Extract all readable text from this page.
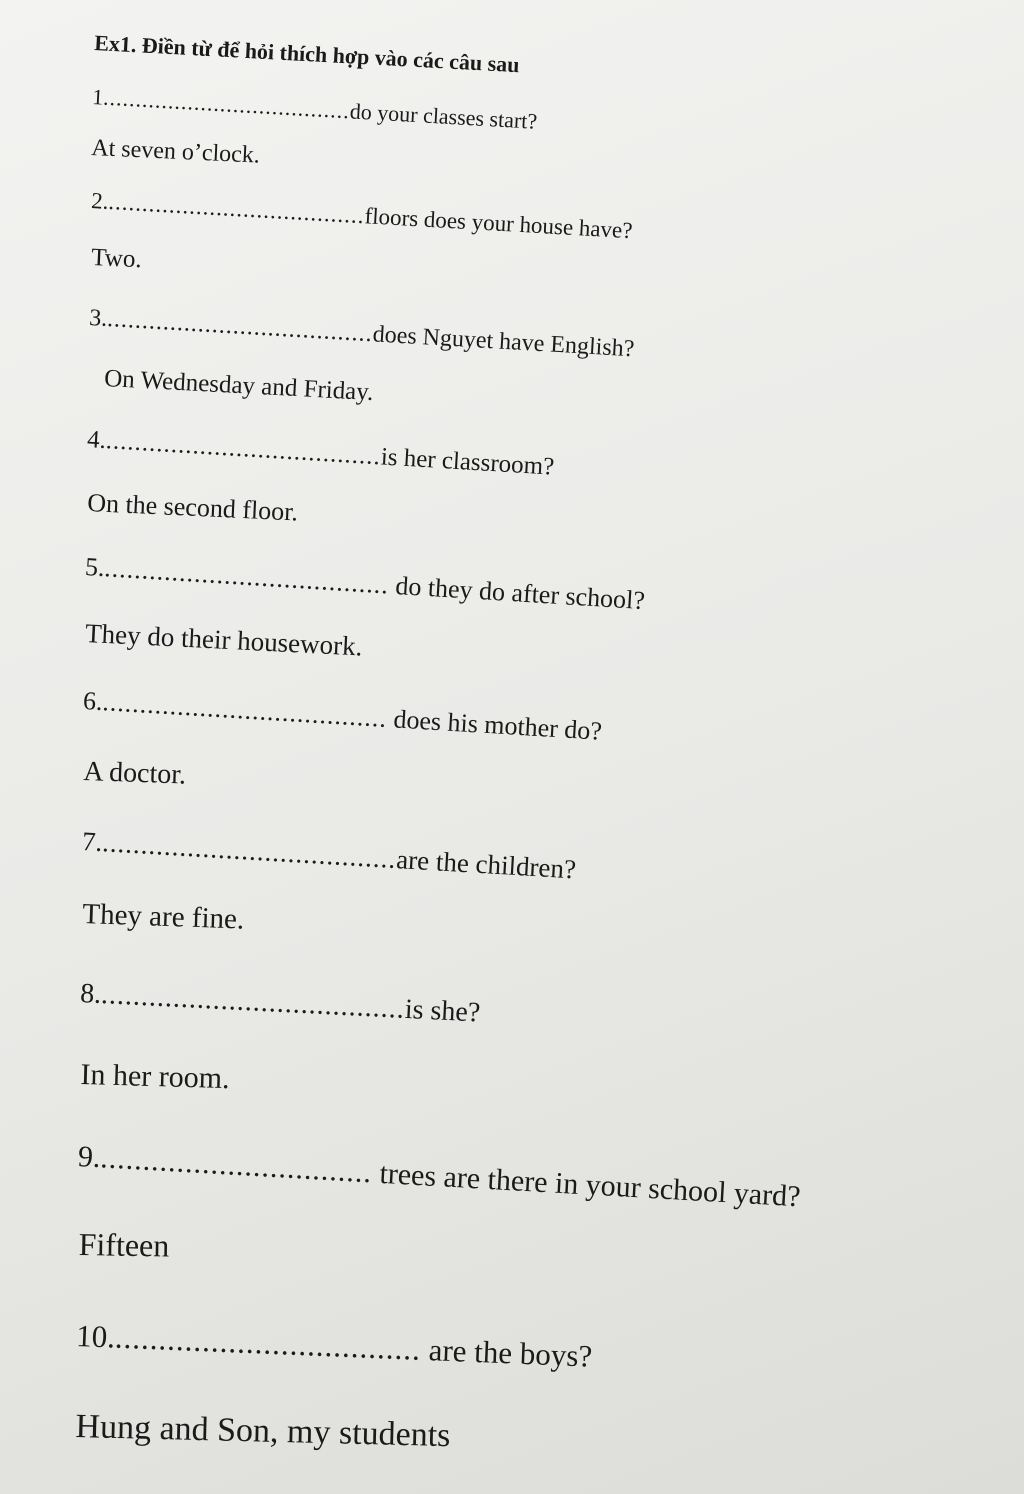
Ex1. Điền từ để hỏi thích hợp vào các câu sau
1......................................do your classes start?
At seven o’clock.
2.......................................floors does your house have?
Two.
3.......................................does Nguyet have English?
On Wednesday and Friday.
4.......................................is her classroom?
On the second floor.
5....................................... do they do after school?
They do their housework.
6....................................... does his mother do?
A doctor.
7.......................................are the children?
They are fine.
8.......................................is she?
In her room.
9................................. trees are there in your school yard?
Fifteen
10.................................... are the boys?
Hung and Son, my students
